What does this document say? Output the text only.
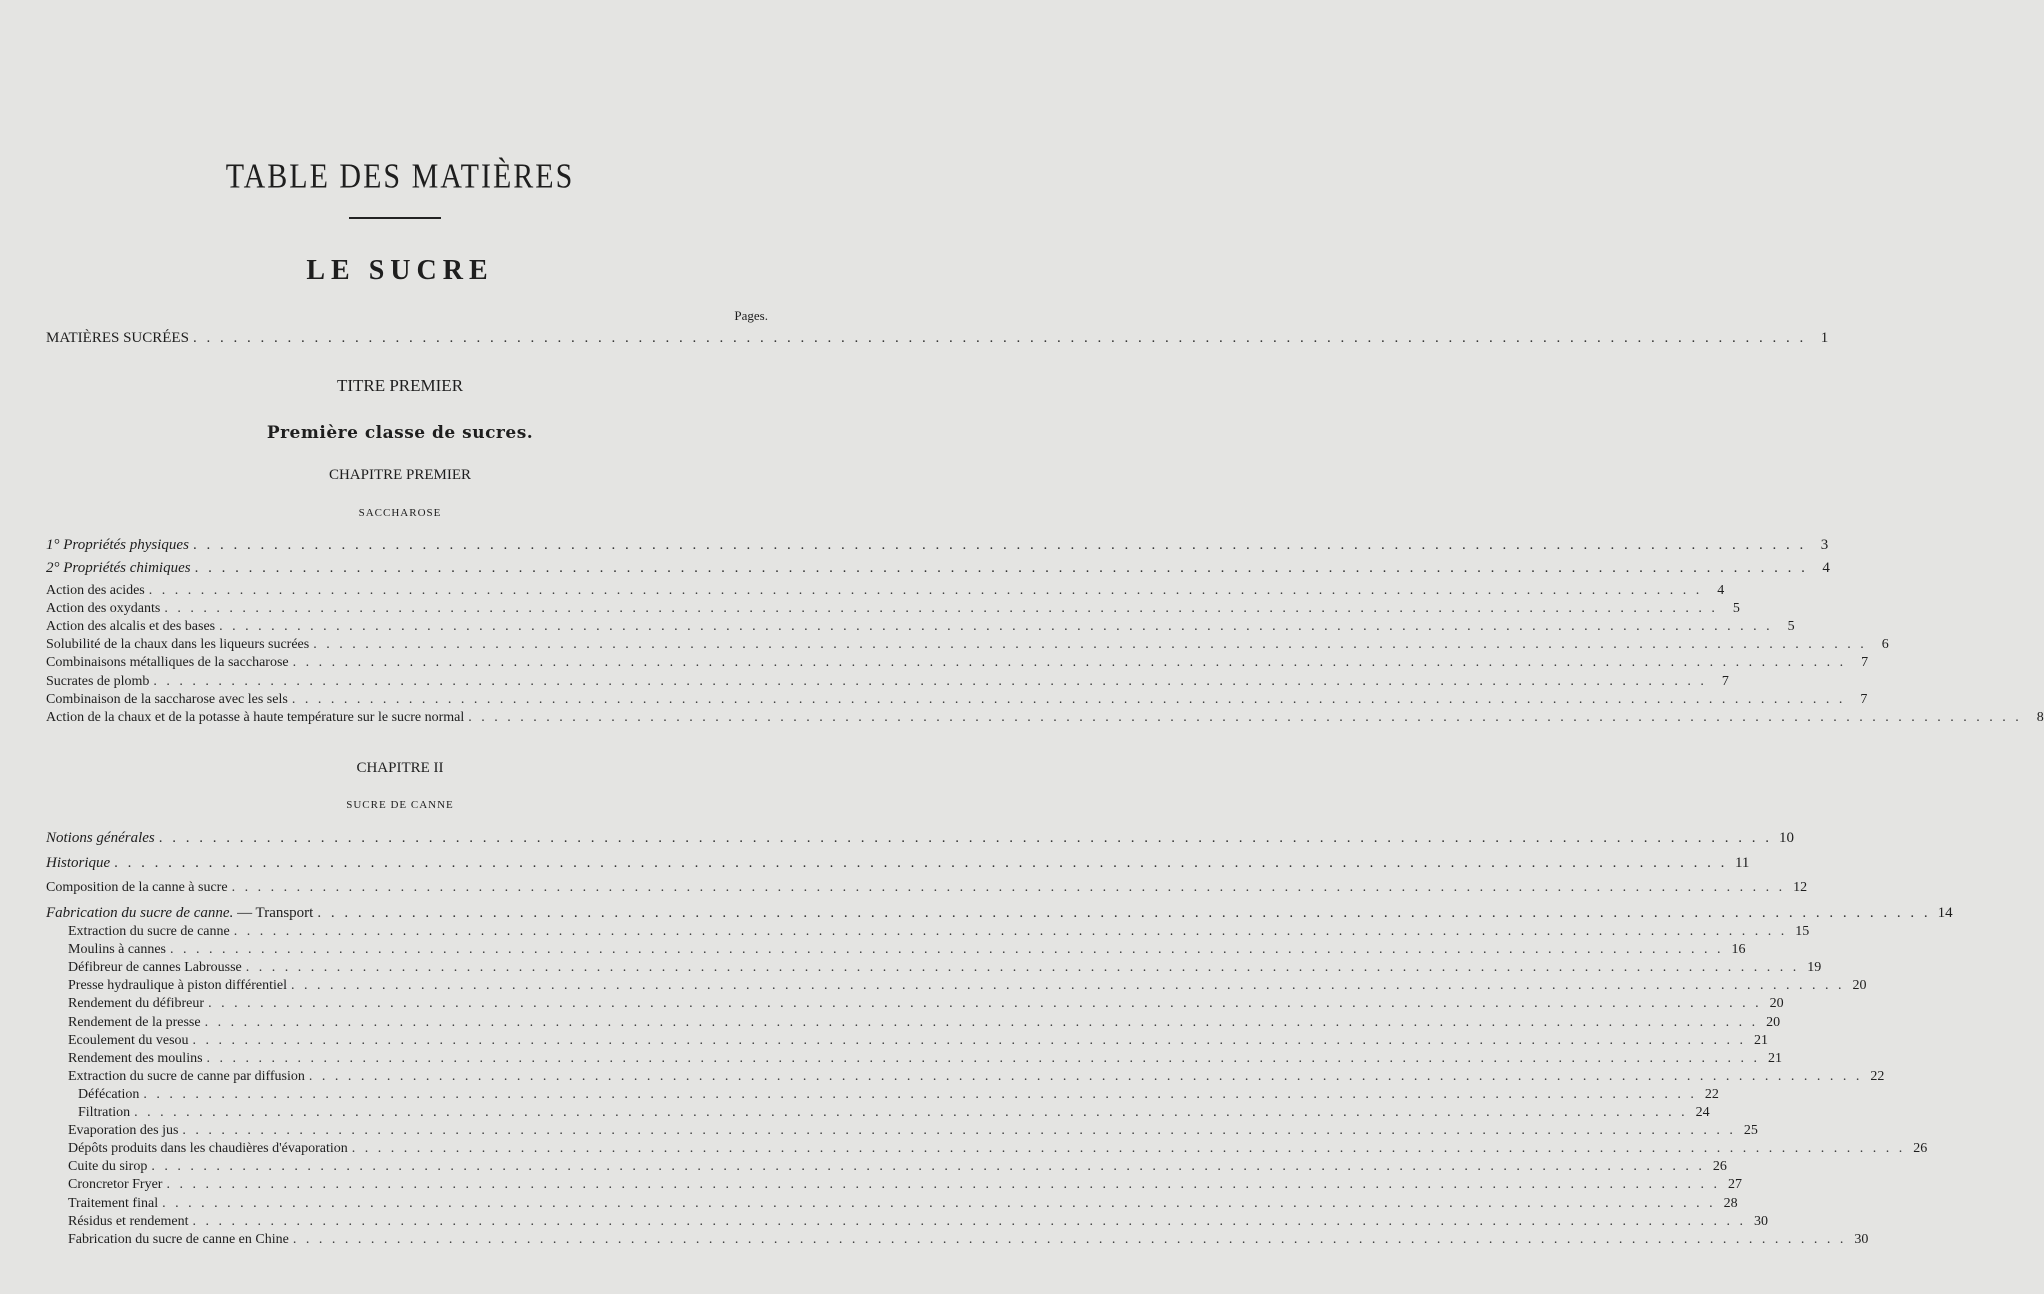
TABLE DES MATIÈRES
LE SUCRE
Pages.
MATIÈRES SUCRÉES . . . . . . . . . . . . . . . . . . . . . . . . . . . . . . . . . . . . . . . . . . . . . . . . . . . . . . . . . . . . . . . . . . . . . . . . . . . . . . . . . . . . . . . . . . . . . . . . . . . . . . . . . . . . . . . . . . . . . . . . 1
TITRE PREMIER
Première classe de sucres.
CHAPITRE PREMIER
SACCHAROSE
1° Propriétés physiques . . . . . . . . . . . . . . . . . . . . . . . . . . . . . . . . . . . . . . . . . . . . . . . . . . . . . . . . . . . . . . . . . . . . . . . . . . . . . . . . . . . . . . . . . . . . . . . . . . . . . . . . . . . . . . . . . . . . . . . . 3
2° Propriétés chimiques . . . . . . . . . . . . . . . . . . . . . . . . . . . . . . . . . . . . . . . . . . . . . . . . . . . . . . . . . . . . . . . . . . . . . . . . . . . . . . . . . . . . . . . . . . . . . . . . . . . . . . . . . . . . . . . . . . . . . . . . 4
Action des acides . . . . . . . . . . . . . . . . . . . . . . . . . . . . . . . . . . . . . . . . . . . . . . . . . . . . . . . . . . . . . . . . . . . . . . . . . . . . . . . . . . . . . . . . . . . . . . . . . . . . . . . . . . . . . . . . . . . . . . . .	4
Action des oxydants . . . . . . . . . . . . . . . . . . . . . . . . . . . . . . . . . . . . . . . . . . . . . . . . . . . . . . . . . . . . . . . . . . . . . . . . . . . . . . . . . . . . . . . . . . . . . . . . . . . . . . . . . . . . . . . . . . . . . . . .	5
Action des alcalis et des bases . . . . . . . . . . . . . . . . . . . . . . . . . . . . . . . . . . . . . . . . . . . . . . . . . . . . . . . . . . . . . . . . . . . . . . . . . . . . . . . . . . . . . . . . . . . . . . . . . . . . . . . . . . . . . . . . . . . . . . . .	5
Solubilité de la chaux dans les liqueurs sucrées . . . . . . . . . . . . . . . . . . . . . . . . . . . . . . . . . . . . . . . . . . . . . . . . . . . . . . . . . . . . . . . . . . . . . . . . . . . . . . . . . . . . . . . . . . . . . . . . . . . . . . . . . . . . . . . . . . . . . . . .	6
Combinaisons métalliques de la saccharose . . . . . . . . . . . . . . . . . . . . . . . . . . . . . . . . . . . . . . . . . . . . . . . . . . . . . . . . . . . . . . . . . . . . . . . . . . . . . . . . . . . . . . . . . . . . . . . . . . . . . . . . . . . . . . . . . . . . . . . .	7
Sucrates de plomb . . . . . . . . . . . . . . . . . . . . . . . . . . . . . . . . . . . . . . . . . . . . . . . . . . . . . . . . . . . . . . . . . . . . . . . . . . . . . . . . . . . . . . . . . . . . . . . . . . . . . . . . . . . . . . . . . . . . . . . .	7
Combinaison de la saccharose avec les sels . . . . . . . . . . . . . . . . . . . . . . . . . . . . . . . . . . . . . . . . . . . . . . . . . . . . . . . . . . . . . . . . . . . . . . . . . . . . . . . . . . . . . . . . . . . . . . . . . . . . . . . . . . . . . . . . . . . . . . . .	7
Action de la chaux et de la potasse à haute température sur le sucre normal . . . . . . . . . . . . . . . . . . . . . . . . . . . . . . . . . . . . . . . . . . . . . . . . . . . . . . . . . . . . . . . . . . . . . . . . . . . . . . . . . . . . . . . . . . . . . . . . . . . . . . . . . . . . . . . . . . . . . . . .	8
CHAPITRE II
SUCRE DE CANNE
Notions générales . . . . . . . . . . . . . . . . . . . . . . . . . . . . . . . . . . . . . . . . . . . . . . . . . . . . . . . . . . . . . . . . . . . . . . . . . . . . . . . . . . . . . . . . . . . . . . . . . . . . . . . . . . . . . . . . . . . . . . . . 10
Historique . . . . . . . . . . . . . . . . . . . . . . . . . . . . . . . . . . . . . . . . . . . . . . . . . . . . . . . . . . . . . . . . . . . . . . . . . . . . . . . . . . . . . . . . . . . . . . . . . . . . . . . . . . . . . . . . . . . . . . . . 11
Composition de la canne à sucre . . . . . . . . . . . . . . . . . . . . . . . . . . . . . . . . . . . . . . . . . . . . . . . . . . . . . . . . . . . . . . . . . . . . . . . . . . . . . . . . . . . . . . . . . . . . . . . . . . . . . . . . . . . . . . . . . . . . . . . . 12
Fabrication du sucre de canne. — Transport . . . . . . . . . . . . . . . . . . . . . . . . . . . . . . . . . . . . . . . . . . . . . . . . . . . . . . . . . . . . . . . . . . . . . . . . . . . . . . . . . . . . . . . . . . . . . . . . . . . . . . . . . . . . . . . . . . . . . . . . 14
Extraction du sucre de canne . . . . . . . . . . . . . . . . . . . . . . . . . . . . . . . . . . . . . . . . . . . . . . . . . . . . . . . . . . . . . . . . . . . . . . . . . . . . . . . . . . . . . . . . . . . . . . . . . . . . . . . . . . . . . . . . . . . . . . . . 15
Moulins à cannes . . . . . . . . . . . . . . . . . . . . . . . . . . . . . . . . . . . . . . . . . . . . . . . . . . . . . . . . . . . . . . . . . . . . . . . . . . . . . . . . . . . . . . . . . . . . . . . . . . . . . . . . . . . . . . . . . . . . . . . . 16
Défibreur de cannes Labrousse . . . . . . . . . . . . . . . . . . . . . . . . . . . . . . . . . . . . . . . . . . . . . . . . . . . . . . . . . . . . . . . . . . . . . . . . . . . . . . . . . . . . . . . . . . . . . . . . . . . . . . . . . . . . . . . . . . . . . . . . 19
Presse hydraulique à piston différentiel . . . . . . . . . . . . . . . . . . . . . . . . . . . . . . . . . . . . . . . . . . . . . . . . . . . . . . . . . . . . . . . . . . . . . . . . . . . . . . . . . . . . . . . . . . . . . . . . . . . . . . . . . . . . . . . . . . . . . . . . 20
Rendement du défibreur . . . . . . . . . . . . . . . . . . . . . . . . . . . . . . . . . . . . . . . . . . . . . . . . . . . . . . . . . . . . . . . . . . . . . . . . . . . . . . . . . . . . . . . . . . . . . . . . . . . . . . . . . . . . . . . . . . . . . . . . 20
Rendement de la presse . . . . . . . . . . . . . . . . . . . . . . . . . . . . . . . . . . . . . . . . . . . . . . . . . . . . . . . . . . . . . . . . . . . . . . . . . . . . . . . . . . . . . . . . . . . . . . . . . . . . . . . . . . . . . . . . . . . . . . . . 20
Ecoulement du vesou . . . . . . . . . . . . . . . . . . . . . . . . . . . . . . . . . . . . . . . . . . . . . . . . . . . . . . . . . . . . . . . . . . . . . . . . . . . . . . . . . . . . . . . . . . . . . . . . . . . . . . . . . . . . . . . . . . . . . . . . 21
Rendement des moulins . . . . . . . . . . . . . . . . . . . . . . . . . . . . . . . . . . . . . . . . . . . . . . . . . . . . . . . . . . . . . . . . . . . . . . . . . . . . . . . . . . . . . . . . . . . . . . . . . . . . . . . . . . . . . . . . . . . . . . . . 21
Extraction du sucre de canne par diffusion . . . . . . . . . . . . . . . . . . . . . . . . . . . . . . . . . . . . . . . . . . . . . . . . . . . . . . . . . . . . . . . . . . . . . . . . . . . . . . . . . . . . . . . . . . . . . . . . . . . . . . . . . . . . . . . . . . . . . . . . 22
Défécation . . . . . . . . . . . . . . . . . . . . . . . . . . . . . . . . . . . . . . . . . . . . . . . . . . . . . . . . . . . . . . . . . . . . . . . . . . . . . . . . . . . . . . . . . . . . . . . . . . . . . . . . . . . . . . . . . . . . . . . . 22
Filtration . . . . . . . . . . . . . . . . . . . . . . . . . . . . . . . . . . . . . . . . . . . . . . . . . . . . . . . . . . . . . . . . . . . . . . . . . . . . . . . . . . . . . . . . . . . . . . . . . . . . . . . . . . . . . . . . . . . . . . . . 24
Evaporation des jus . . . . . . . . . . . . . . . . . . . . . . . . . . . . . . . . . . . . . . . . . . . . . . . . . . . . . . . . . . . . . . . . . . . . . . . . . . . . . . . . . . . . . . . . . . . . . . . . . . . . . . . . . . . . . . . . . . . . . . . . 25
Dépôts produits dans les chaudières d'évaporation . . . . . . . . . . . . . . . . . . . . . . . . . . . . . . . . . . . . . . . . . . . . . . . . . . . . . . . . . . . . . . . . . . . . . . . . . . . . . . . . . . . . . . . . . . . . . . . . . . . . . . . . . . . . . . . . . . . . . . . . 26
Cuite du sirop . . . . . . . . . . . . . . . . . . . . . . . . . . . . . . . . . . . . . . . . . . . . . . . . . . . . . . . . . . . . . . . . . . . . . . . . . . . . . . . . . . . . . . . . . . . . . . . . . . . . . . . . . . . . . . . . . . . . . . . . 26
Croncretor Fryer . . . . . . . . . . . . . . . . . . . . . . . . . . . . . . . . . . . . . . . . . . . . . . . . . . . . . . . . . . . . . . . . . . . . . . . . . . . . . . . . . . . . . . . . . . . . . . . . . . . . . . . . . . . . . . . . . . . . . . . . 27
Traitement final . . . . . . . . . . . . . . . . . . . . . . . . . . . . . . . . . . . . . . . . . . . . . . . . . . . . . . . . . . . . . . . . . . . . . . . . . . . . . . . . . . . . . . . . . . . . . . . . . . . . . . . . . . . . . . . . . . . . . . . . 28
Résidus et rendement . . . . . . . . . . . . . . . . . . . . . . . . . . . . . . . . . . . . . . . . . . . . . . . . . . . . . . . . . . . . . . . . . . . . . . . . . . . . . . . . . . . . . . . . . . . . . . . . . . . . . . . . . . . . . . . . . . . . . . . . 30
Fabrication du sucre de canne en Chine . . . . . . . . . . . . . . . . . . . . . . . . . . . . . . . . . . . . . . . . . . . . . . . . . . . . . . . . . . . . . . . . . . . . . . . . . . . . . . . . . . . . . . . . . . . . . . . . . . . . . . . . . . . . . . . . . . . . . . . . 30
